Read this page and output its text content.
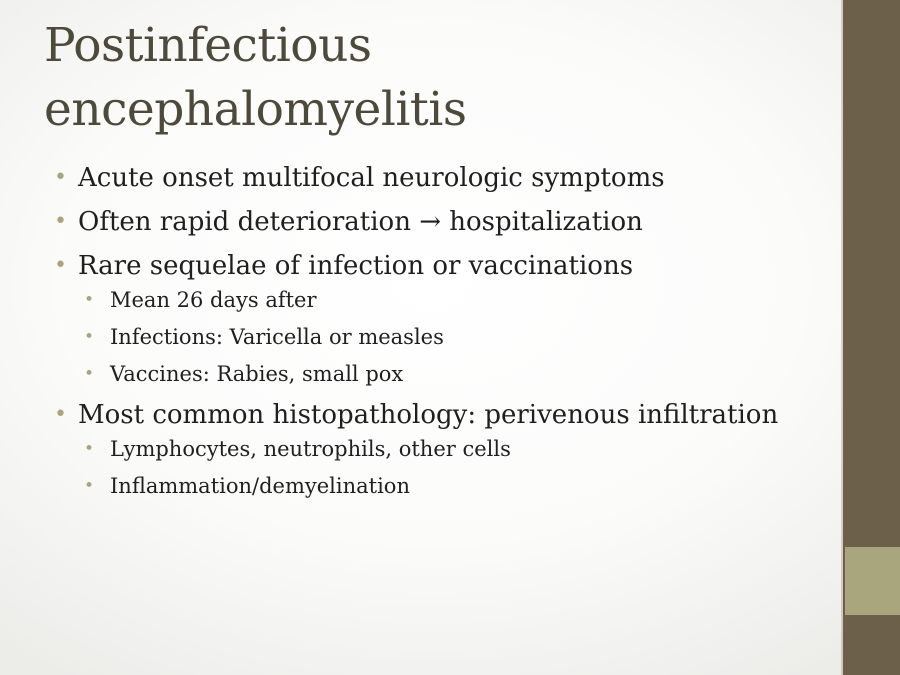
Postinfectious encephalomyelitis
• Acute onset multifocal neurologic symptoms
• Often rapid deterioration → hospitalization
• Rare sequelae of infection or vaccinations
• Mean 26 days after
• Infections: Varicella or measles
• Vaccines: Rabies, small pox
• Most common histopathology: perivenous infiltration
• Lymphocytes, neutrophils, other cells
• Inflammation/demyelination
